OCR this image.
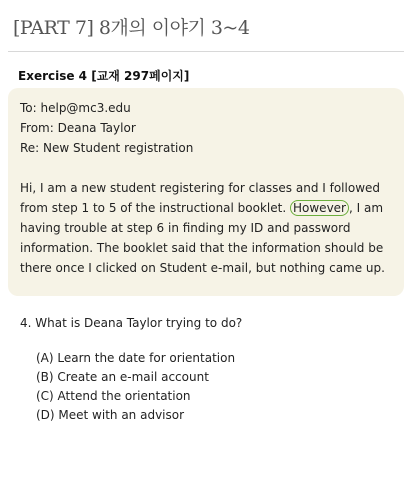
[PART 7] 8개의 이야기 3~4
Exercise 4 [교재 297페이지]
To: help@mc3.edu
From: Deana Taylor
Re: New Student registration
Hi, I am a new student registering for classes and I followed from step 1 to 5 of the instructional booklet. However , I am having trouble at step 6 in finding my ID and password information. The booklet said that the information should be there once I clicked on Student e-mail, but nothing came up.
4. What is Deana Taylor trying to do?
(A) Learn the date for orientation
(B) Create an e-mail account
(C) Attend the orientation
(D) Meet with an advisor
